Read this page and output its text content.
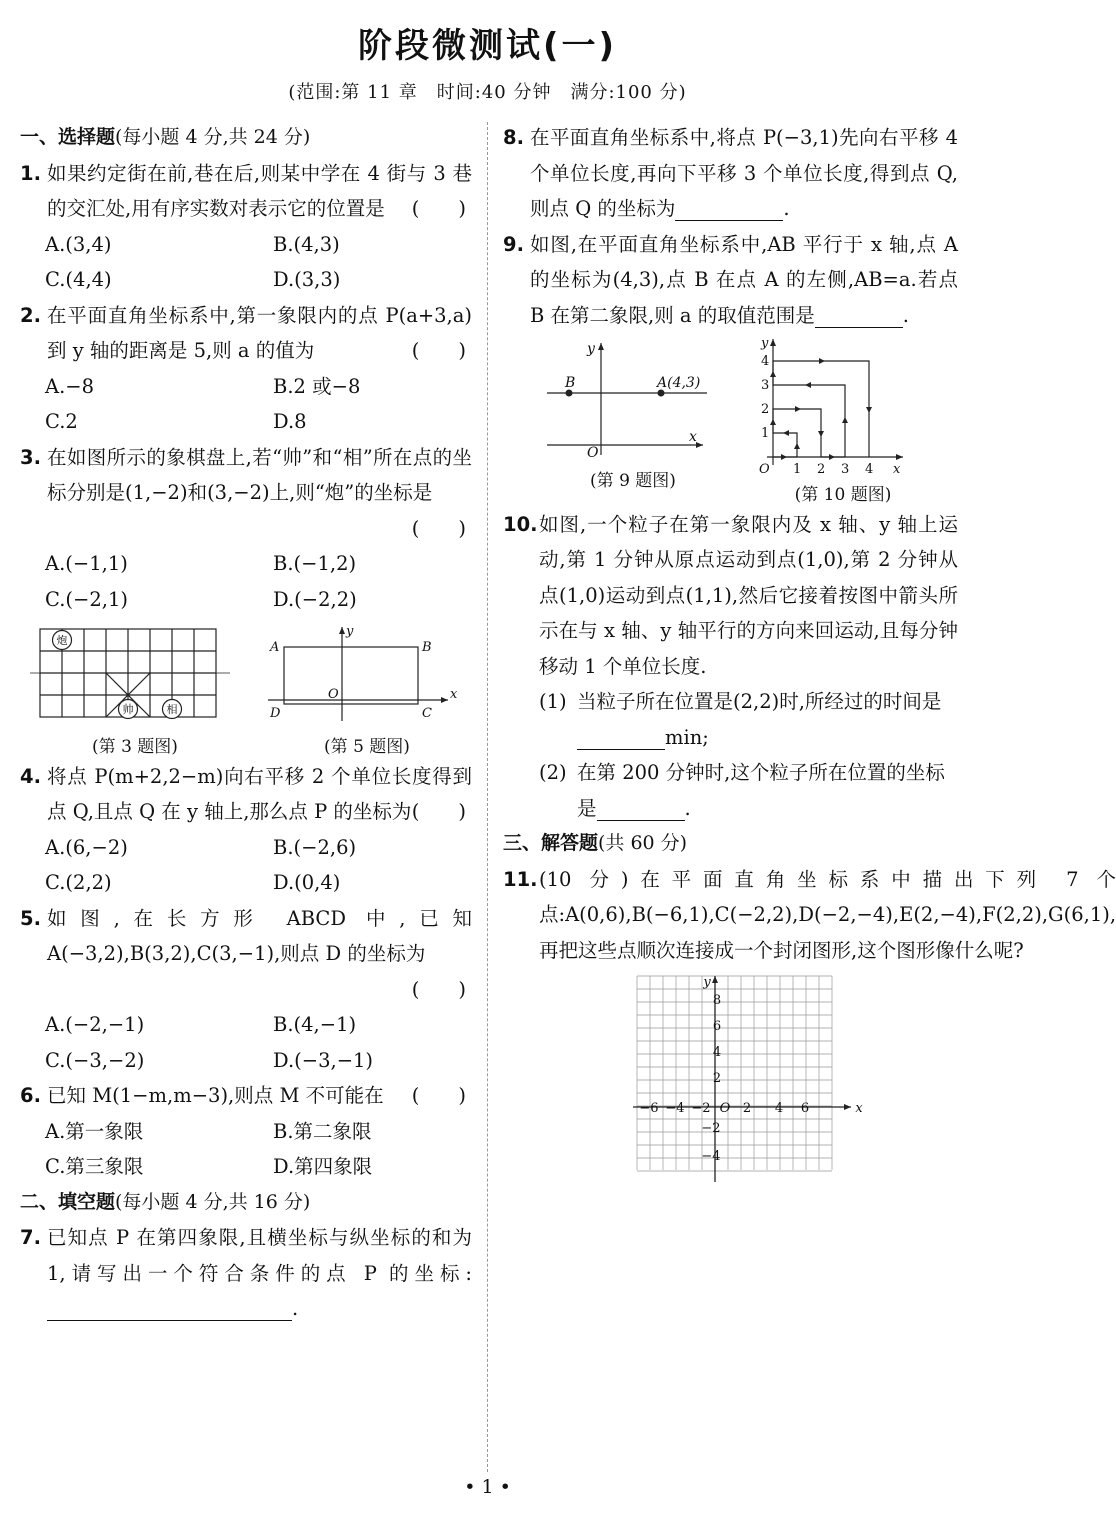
阶段微测试(一)
(范围:第 11 章　时间:40 分钟　满分:100 分)
一、选择题(每小题 4 分,共 24 分)
1. 如果约定街在前,巷在后,则某中学在 4 街与 3 巷的交汇处,用有序实数对表示它的位置是 (　　)
A.(3,4)	B.(4,3)
C.(4,4)	D.(3,3)
2. 在平面直角坐标系中,第一象限内的点 P(a+3,a)到 y 轴的距离是 5,则 a 的值为	(　　)
A.−8	B.2 或−8
C.2	D.8
3. 在如图所示的象棋盘上,若“帅”和“相”所在点的坐标分别是(1,−2)和(3,−2)上,则“炮”的坐标是
(　　)
A.(−1,1)	B.(−1,2)
C.(−2,1)	D.(−2,2)
炮
帅	相
(第 3 题图)
A	B
C
D
O	x
y
(第 5 题图)
4. 将点 P(m+2,2−m)向右平移 2 个单位长度得到点 Q,且点 Q 在 y 轴上,那么点 P 的坐标为 (　　)
A.(6,−2)	B.(−2,6)
C.(2,2)	D.(0,4)
5. 如图,在长方形 ABCD 中,已知 A(−3,2),B(3,2),C(3,−1),则点 D 的坐标为
(　　)
A.(−2,−1)	B.(4,−1)
C.(−3,−2)	D.(−3,−1)
6. 已知 M(1−m,m−3),则点 M 不可能在 (　　)
A.第一象限	B.第二象限
C.第三象限	D.第四象限
二、填空题(每小题 4 分,共 16 分)
7. 已知点 P 在第四象限,且横坐标与纵坐标的和为 1,请写出一个符合条件的点 P 的坐标:.
8. 在平面直角坐标系中,将点 P(−3,1)先向右平移 4 个单位长度,再向下平移 3 个单位长度,得到点 Q,则点 Q 的坐标为	.
9. 如图,在平面直角坐标系中,AB 平行于 x 轴,点 A 的坐标为(4,3),点 B 在点 A 的左侧,AB=a.若点 B 在第二象限,则 a 的取值范围是	.
B	A(4,3)
O
x
y
(第 9 题图)
1 2 3 4
1
2
3
4
O	x
y
(第 10 题图)
10. 如图,一个粒子在第一象限内及 x 轴、y 轴上运动,第 1 分钟从原点运动到点(1,0),第 2 分钟从点(1,0)运动到点(1,1),然后它接着按图中箭头所示在与 x 轴、y 轴平行的方向来回运动,且每分钟移动 1 个单位长度.
(1) 当粒子所在位置是(2,2)时,所经过的时间是min;
(2) 在第 200 分钟时,这个粒子所在位置的坐标是	.
三、解答题(共 60 分)
11. (10 分)在平面直角坐标系中描出下列 7 个点:A(0,6),B(−6,1),C(−2,2),D(−2,−4),E(2,−4),F(2,2),G(6,1),再把这些点顺次连接成一个封闭图形,这个图形像什么呢?
−6 −4 −2 2 4 6
8
6
4
2
−2
−4
O	x
y
• 1 •
